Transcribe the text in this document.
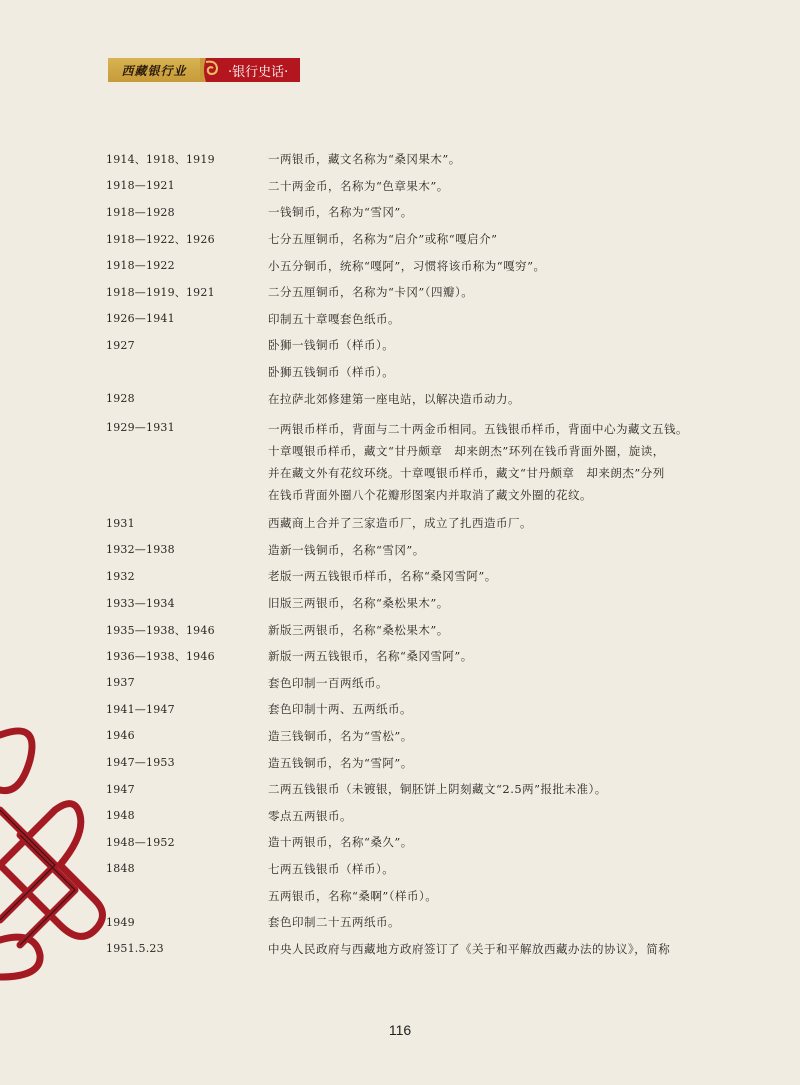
西藏银行业	·银行史话·
1914、1918、1919	一两银币，藏文名称为“桑冈果木”。
1918—1921	二十两金币，名称为“色章果木”。
1918—1928	一钱铜币，名称为“雪冈”。
1918—1922、1926	七分五厘铜币，名称为“启介”或称“嘎启介”
1918—1922	小五分铜币，统称“嘎阿”，习惯将该币称为“嘎穷”。
1918—1919、1921	二分五厘铜币，名称为“卡冈”（四瓣）。
1926—1941	印制五十章嘎套色纸币。
1927	卧狮一钱铜币（样币）。
卧狮五钱铜币（样币）。
1928	在拉萨北郊修建第一座电站，以解决造币动力。
1929—1931	一两银币样币，背面与二十两金币相同。五钱银币样币，背面中心为藏文五钱。
十章嘎银币样币，藏文“甘丹颇章　却来朗杰”环列在钱币背面外圈，旋读，
并在藏文外有花纹环绕。十章嘎银币样币，藏文“甘丹颇章　却来朗杰”分列
在钱币背面外圈八个花瓣形图案内并取消了藏文外圈的花纹。
1931	西藏商上合并了三家造币厂，成立了扎西造币厂。
1932—1938	造新一钱铜币，名称“雪冈”。
1932	老版一两五钱银币样币，名称“桑冈雪阿”。
1933—1934	旧版三两银币，名称“桑松果木”。
1935—1938、1946	新版三两银币，名称“桑松果木”。
1936—1938、1946	新版一两五钱银币，名称“桑冈雪阿”。
1937	套色印制一百两纸币。
1941—1947	套色印制十两、五两纸币。
1946	造三钱铜币，名为“雪松”。
1947—1953	造五钱铜币，名为“雪阿”。
1947	二两五钱银币（未镀银，铜胚饼上阴刻藏文“2.5两”报批未准）。
1948	零点五两银币。
1948—1952	造十两银币，名称“桑久”。
1848	七两五钱银币（样币）。
五两银币，名称“桑啊”（样币）。
1949	套色印制二十五两纸币。
1951.5.23	中央人民政府与西藏地方政府签订了《关于和平解放西藏办法的协议》，简称
116
